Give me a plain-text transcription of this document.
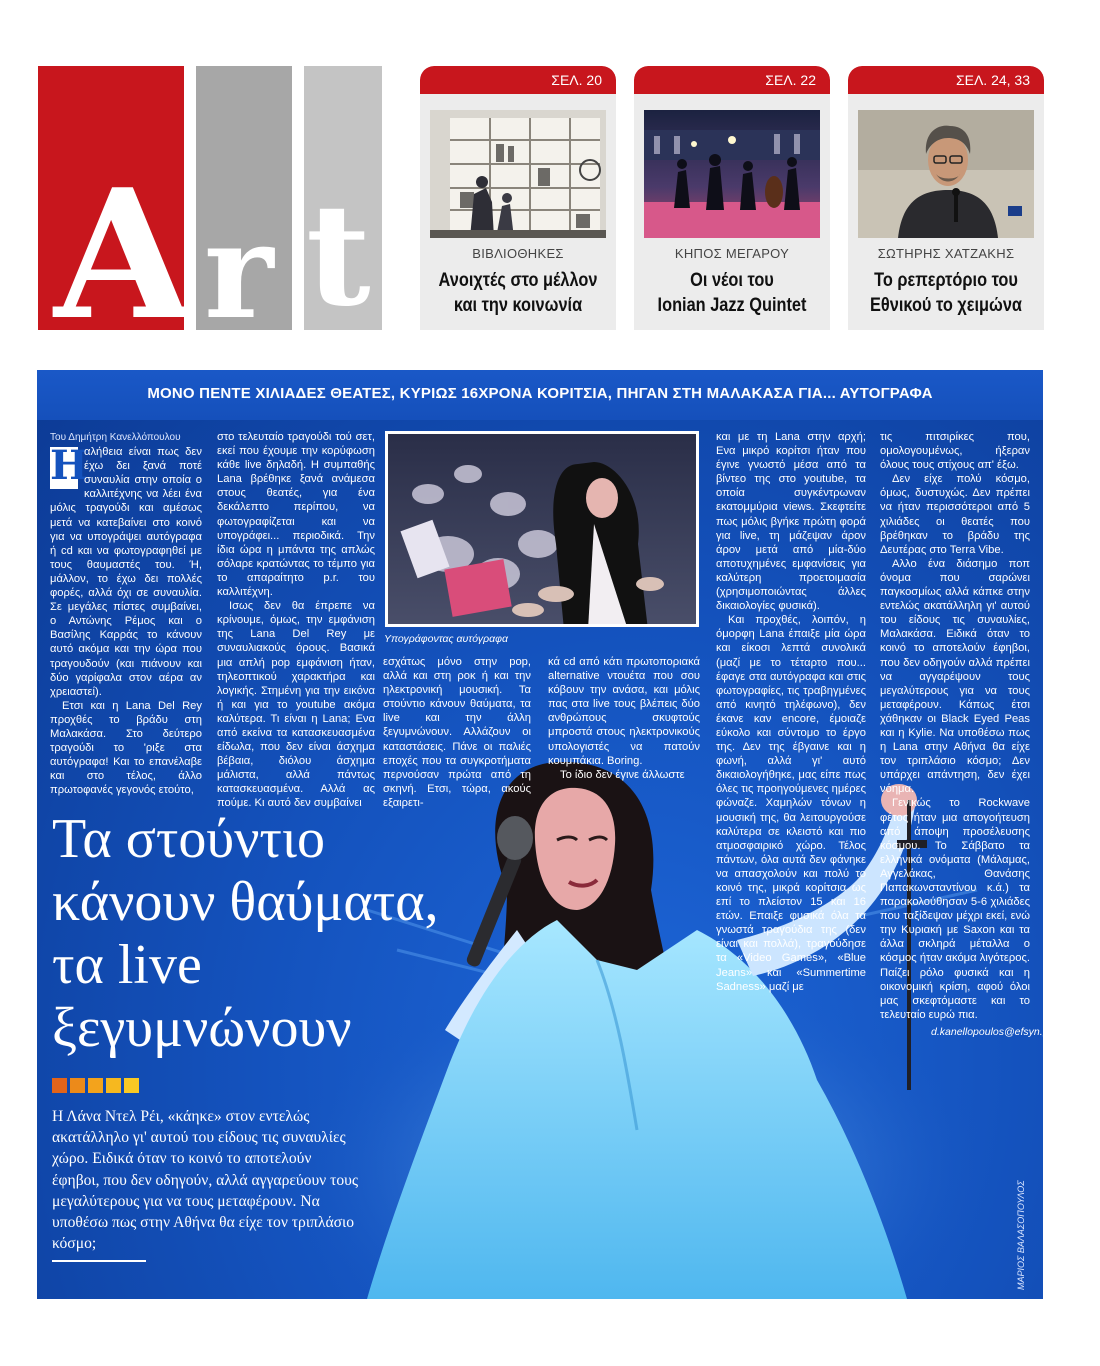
A r t
ΣΕΛ. 20
ΒΙΒΛΙΟΘΗΚΕΣ
Ανοιχτές στο μέλλον
και την κοινωνία
ΣΕΛ. 22
ΚΗΠΟΣ ΜΕΓΑΡΟΥ
Οι νέοι του
Ionian Jazz Quintet
ΣΕΛ. 24, 33
ΣΩΤΗΡΗΣ ΧΑΤΖΑΚΗΣ
Το ρεπερτόριο του
Εθνικού το χειμώνα
ΜΟΝΟ ΠΕΝΤΕ ΧΙΛΙΑΔΕΣ ΘΕΑΤΕΣ, ΚΥΡΙΩΣ 16ΧΡΟΝΑ ΚΟΡΙΤΣΙΑ, ΠΗΓΑΝ ΣΤΗ ΜΑΛΑΚΑΣΑ ΓΙΑ... ΑΥΤΟΓΡΑΦΑ

Του Δημήτρη Κανελλόπουλου

Η

αλήθεια είναι πως δεν έχω δει ξανά ποτέ συναυλία στην οποία ο καλλιτέχνης να λέει ένα μόλις τραγούδι και αμέσως μετά να κατεβαίνει στο κοινό για να υπογράψει αυτόγραφα ή cd και να φωτογραφηθεί με τους θαυμαστές του. Ή, μάλλον, το έχω δει πολλές φορές, αλλά όχι σε συναυλία. Σε μεγάλες πίστες συμβαίνει, ο Αντώνης Ρέμος και ο Βασίλης Καρράς το κάνουν αυτό ακόμα και την ώρα που τραγουδούν (και πιάνουν και δύο γαρίφαλα στον αέρα αν χρειαστεί).

Ετσι και η Lana Del Rey προχθές το βράδυ στη Μαλακάσα. Στο δεύτερο τραγούδι το 'ριξε στα αυτόγραφα! Και το επανέλαβε και στο τέλος, άλλο πρωτοφανές γεγονός ετούτο,

στο τελευταίο τραγούδι τού σετ, εκεί που έχουμε την κορύφωση κάθε live δηλαδή. Η συμπαθής Lana βρέθηκε ξανά ανάμεσα στους θεατές, για ένα δεκάλεπτο περίπου, να φωτογραφίζεται και να υπογράφει... περιοδικά. Την ίδια ώρα η μπάντα της απλώς σόλαρε κρατώντας το τέμπο για το απαραίτητο p.r. του καλλιτέχνη.

Ισως δεν θα έπρεπε να κρίνουμε, όμως, την εμφάνιση της Lana Del Rey με συναυλιακούς όρους. Βασικά μια απλή pop εμφάνιση ήταν, τηλεοπτικού χαρακτήρα και λογικής. Στημένη για την εικόνα ή και για το youtube ακόμα καλύτερα. Τι είναι η Lana; Ενα από εκείνα τα κατασκευασμένα είδωλα, που δεν είναι άσχημα βέβαια, διόλου άσχημα μάλιστα, αλλά πάντως κατασκευασμένα. Αλλά ας πούμε. Κι αυτό δεν συμβαίνει

Υπογράφοντας αυτόγραφα

εσχάτως μόνο στην pop, αλλά και στη ροκ ή και την ηλεκτρονική μουσική. Τα στούντιο κάνουν θαύματα, τα live και την άλλη ξεγυμνώνουν. Αλλάζουν οι καταστάσεις. Πάνε οι παλιές εποχές που τα συγκροτήματα περνούσαν πρώτα από τη σκηνή. Ετσι, τώρα, ακούς εξαιρετι-

κά cd από κάτι πρωτοποριακά alternative ντουέτα που σου κόβουν την ανάσα, και μόλις πας στα live τους βλέπεις δύο ανθρώπους σκυφτούς μπροστά στους ηλεκτρονικούς υπολογιστές να πατούν κουμπάκια. Boring.

Το ίδιο δεν έγινε άλλωστε

και με τη Lana στην αρχή; Ενα μικρό κορίτσι ήταν που έγινε γνωστό μέσα από τα βίντεο της στο youtube, τα οποία συγκέντρωναν εκατομμύρια views. Σκεφτείτε πως μόλις βγήκε πρώτη φορά για live, τη μάζεψαν άρον άρον μετά από μία-δύο αποτυχημένες εμφανίσεις για καλύτερη προετοιμασία (χρησιμοποιώντας άλλες δικαιολογίες φυσικά).

Και προχθές, λοιπόν, η όμορφη Lana έπαιξε μία ώρα και είκοσι λεπτά συνολικά (μαζί με το τέταρτο που... έφαγε στα αυτόγραφα και στις φωτογραφίες, τις τραβηγμένες από κινητό τηλέφωνο), δεν έκανε καν encore, έμοιαζε εύκολο και σύντομο το έργο της. Δεν της έβγαινε και η φωνή, αλλά γι' αυτό δικαιολογήθηκε, μας είπε πως όλες τις προηγούμενες ημέρες φώναζε. Χαμηλών τόνων η μουσική της, θα λειτουργούσε καλύτερα σε κλειστό και πιο ατμοσφαιρικό χώρο. Τέλος πάντων, όλα αυτά δεν φάνηκε να απασχολούν και πολύ το κοινό της, μικρά κορίτσια ως επί το πλείστον 15 και 16 ετών. Επαιξε φυσικά όλα τα γνωστά τραγούδια της (δεν είναι και πολλά), τραγούδησε τα «Video Games», «Blue Jeans» και «Summertime Sadness» μαζί με

τις πιτσιρίκες που, ομολογουμένως, ήξεραν όλους τους στίχους απ' έξω.

Δεν είχε πολύ κόσμο, όμως, δυστυχώς. Δεν πρέπει να ήταν περισσότεροι από 5 χιλιάδες οι θεατές που βρέθηκαν το βράδυ της Δευτέρας στο Terra Vibe.

Αλλο ένα διάσημο ποπ όνομα που σαρώνει παγκοσμίως αλλά κάπκε στην εντελώς ακατάλληλη γι' αυτού του είδους τις συναυλίες, Μαλακάσα. Ειδικά όταν το κοινό το αποτελούν έφηβοι, που δεν οδηγούν αλλά πρέπει να αγγαρέψουν τους μεγαλύτερους για να τους μεταφέρουν. Κάπως έτσι χάθηκαν οι Black Eyed Peas και η Kylie. Να υποθέσω πως η Lana στην Αθήνα θα είχε τον τριπλάσιο κόσμο; Δεν υπάρχει απάντηση, δεν έχει νόημα.

Γενικώς το Rockwave φέτος ήταν μια απογοήτευση από άποψη προσέλευσης κόσμου. Το Σάββατο τα ελληνικά ονόματα (Μάλαμας, Αγγελάκας, Θανάσης Παπακωνσταντίνου κ.ά.) τα παρακολούθησαν 5-6 χιλιάδες που ταξίδεψαν μέχρι εκεί, ενώ την Κυριακή με Saxon και τα άλλα σκληρά μέταλλα ο κόσμος ήταν ακόμα λιγότερος. Παίζει ρόλο φυσικά και η οικονομική κρίση, αφού όλοι μας σκεφτόμαστε και το τελευταίο ευρώ πια.

d.kanellopoulos@efsyn.gr
Τα στούντιο
κάνουν θαύματα,
τα live
ξεγυμνώνουν
Η Λάνα Ντελ Ρέι, «κάηκε» στον εντελώς ακατάλληλο γι' αυτού του είδους τις συναυλίες χώρο. Ειδικά όταν το κοινό το αποτελούν έφηβοι, που δεν οδηγούν, αλλά αγγαρεύουν τους μεγαλύτερους για να τους μεταφέρουν. Να υποθέσω πως στην Αθήνα θα είχε τον τριπλάσιο κόσμο;	ΜΑΡΙΟΣ ΒΑΛΑΣΟΠΟΥΛΟΣ
